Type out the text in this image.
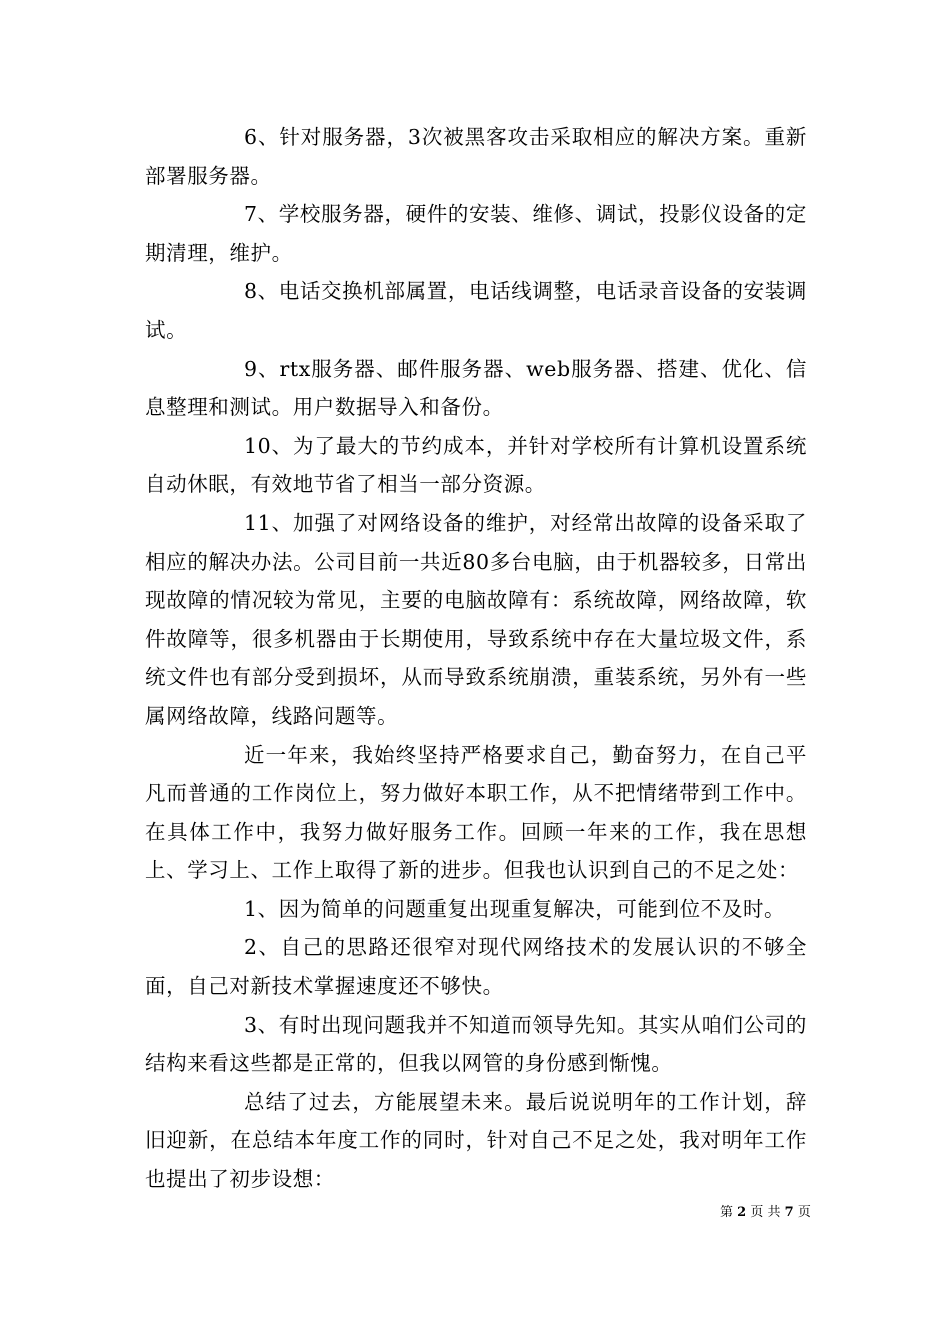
6、针对服务器，3次被黑客攻击采取相应的解决方案。重新部署服务器。

7、学校服务器，硬件的安装、维修、调试，投影仪设备的定期清理，维护。

8、电话交换机部属置，电话线调整，电话录音设备的安装调试。

9、rtx服务器、邮件服务器、web服务器、搭建、优化、信息整理和测试。用户数据导入和备份。

10、为了最大的节约成本，并针对学校所有计算机设置系统自动休眠，有效地节省了相当一部分资源。

11、加强了对网络设备的维护，对经常出故障的设备采取了相应的解决办法。公司目前一共近80多台电脑，由于机器较多，日常出现故障的情况较为常见，主要的电脑故障有：系统故障，网络故障，软件故障等，很多机器由于长期使用，导致系统中存在大量垃圾文件，系统文件也有部分受到损坏，从而导致系统崩溃，重装系统，另外有一些属网络故障，线路问题等。

近一年来，我始终坚持严格要求自己，勤奋努力，在自己平凡而普通的工作岗位上，努力做好本职工作，从不把情绪带到工作中。在具体工作中，我努力做好服务工作。回顾一年来的工作，我在思想上、学习上、工作上取得了新的进步。但我也认识到自己的不足之处：

1、因为简单的问题重复出现重复解决，可能到位不及时。

2、自己的思路还很窄对现代网络技术的发展认识的不够全面，自己对新技术掌握速度还不够快。

3、有时出现问题我并不知道而领导先知。其实从咱们公司的结构来看这些都是正常的，但我以网管的身份感到惭愧。

总结了过去，方能展望未来。最后说说明年的工作计划，辞旧迎新，在总结本年度工作的同时，针对自己不足之处，我对明年工作也提出了初步设想：

第 2 页 共 7 页
